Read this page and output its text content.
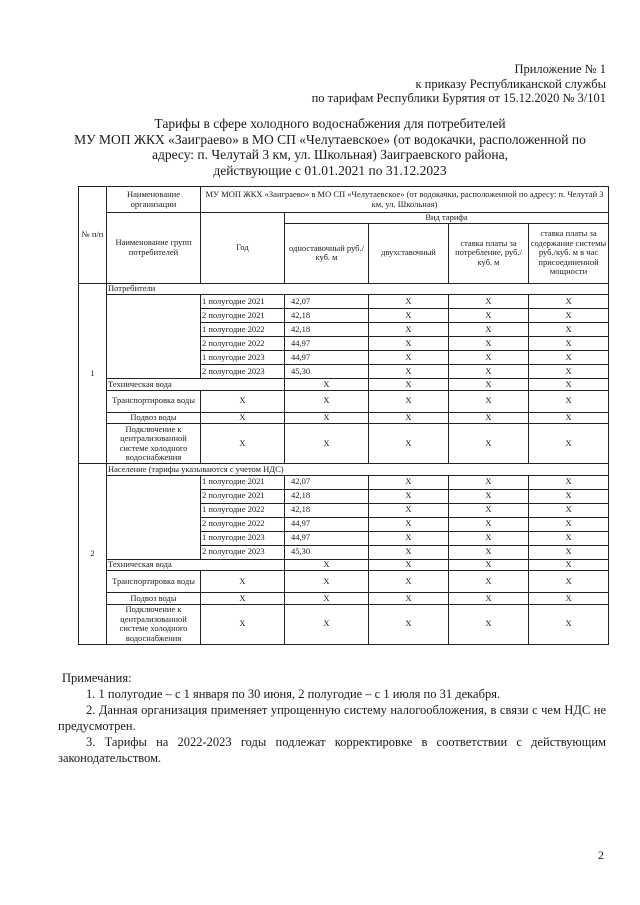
Приложение № 1
к приказу Республиканской службы
по тарифам Республики Бурятия от 15.12.2020 № 3/101
Тарифы в сфере холодного водоснабжения для потребителей
МУ МОП ЖКХ «Заиграево» в МО СП «Челутаевское» (от водокачки, расположенной по
адресу: п. Челутай 3 км, ул. Школьная) Заиграевского района,
действующие с 01.01.2021 по 31.12.2023
№ п/п	Наименование организации	МУ МОП ЖКХ «Заиграево» в МО СП «Челутаевское» (от водокачки, расположенной по адресу: п. Челутай 3 км, ул. Школьная)				
	Наименование групп потребителей	Год	Вид тарифа			
			одноставочный руб./ куб. м	двухставочный	ставка платы за потребление, руб./ куб. м	ставка платы за содержание системы руб./куб. м в час присоединенной мощности
1	Потребители					
		1 полугодие 2021	42,07	X	X	X
		2 полугодие 2021	42,18	X	X	X
		1 полугодие 2022	42,18	X	X	X
		2 полугодие 2022	44,97	X	X	X
		1 полугодие 2023	44,97	X	X	X
		2 полугодие 2023	45,30	X	X	X
	Техническая вода		X	X	X	X
	Транспортировка воды	X	X	X	X	X
	Подвоз воды	X	X	X	X	X
	Подключение к централизованной системе холодного водоснабжения	X	X	X	X	X
2	Население (тарифы указываются с учетом НДС)					
		1 полугодие 2021	42,07	X	X	X
		2 полугодие 2021	42,18	X	X	X
		1 полугодие 2022	42,18	X	X	X
		2 полугодие 2022	44,97	X	X	X
		1 полугодие 2023	44,97	X	X	X
		2 полугодие 2023	45,30	X	X	X
	Техническая вода		X	X	X	X
	Транспортировка воды	X	X	X	X	X
	Подвоз воды	X	X	X	X	X
	Подключение к централизованной системе холодного водоснабжения	X	X	X	X	X

Примечания:

1. 1 полугодие – с 1 января по 30 июня, 2 полугодие – с 1 июля по 31 декабря.

2. Данная организация применяет упрощенную систему налогообложения, в связи с чем НДС не предусмотрен.

3. Тарифы на 2022-2023 годы подлежат корректировке в соответствии с действующим законодательством.

2
